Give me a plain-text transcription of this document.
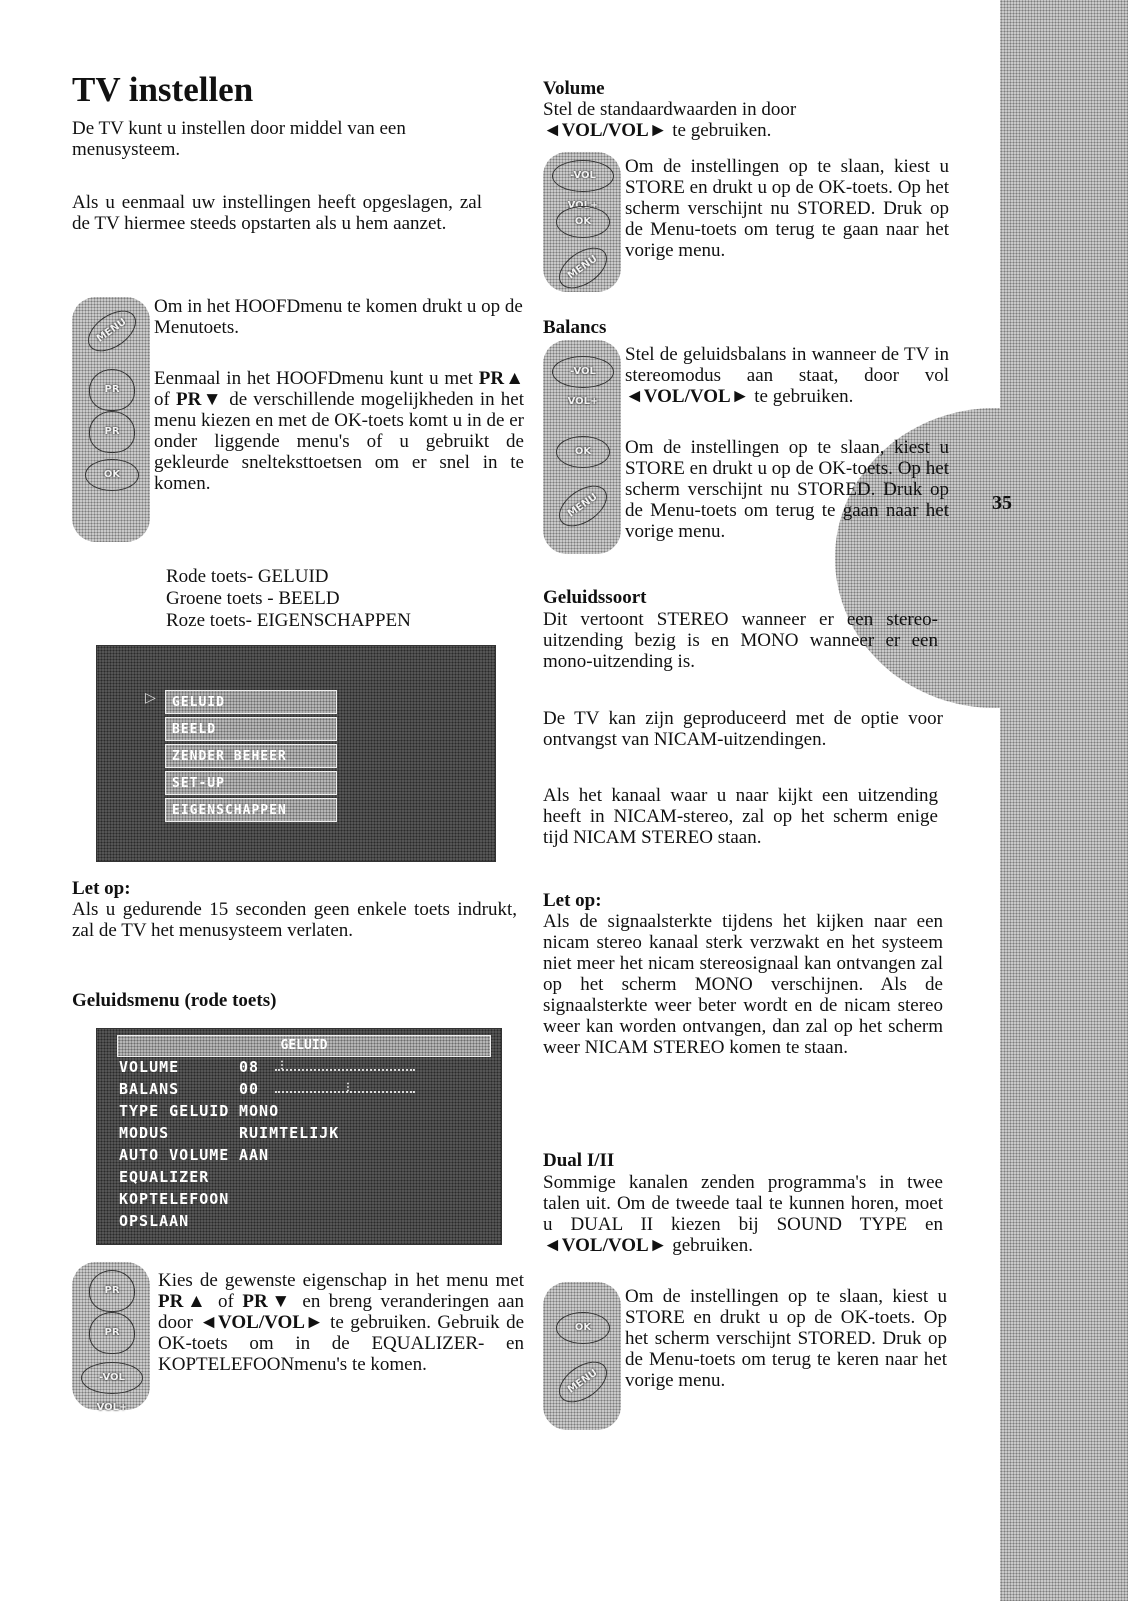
35
TV instellen

De TV kunt u instellen door middel van een menusysteem.

Als u eenmaal uw instellingen heeft opgeslagen, zal de TV hiermee steeds opstarten als u hem aanzet.

MENU
PR
PR
OK

Om in het HOOFDmenu te komen drukt u op de Menutoets.

Eenmaal in het HOOFDmenu kunt u met PR▲ of PR▼ de verschillende mogelijkheden in het menu kiezen en met de OK-toets komt u in de er onder liggende menu's of u gebruikt de gekleurde snelteksttoetsen om er snel in te komen.

Rode toets- GELUID

Groene toets - BEELD

Roze toets- EIGENSCHAPPEN

▷	GELUID
BEELD
ZENDER BEHEER
SET-UP
EIGENSCHAPPEN

Let op:

Als u gedurende 15 seconden geen enkele toets indrukt, zal de TV het menusysteem verlaten.

Geluidsmenu (rode toets)

GELUID
VOLUME	08 ⋮
BALANS	00	⋮
TYPE GELUID MONO
MODUS	RUIMTELIJK
AUTO VOLUME AAN
EQUALIZER
KOPTELEFOON
OPSLAAN
PR
PR
-VOL VOL+

Kies de gewenste eigenschap in het menu met PR▲ of PR▼ en breng veranderingen aan door ◄VOL/VOL► te gebruiken. Gebruik de OK-toets om in de EQUALIZER- en KOPTELEFOONmenu's te komen.

Volume

Stel de standaardwaarden in door
◄VOL/VOL► te gebruiken.

-VOL VOL+
OK
MENU

Om de instellingen op te slaan, kiest u STORE en drukt u op de OK-toets. Op het scherm verschijnt nu STORED. Druk op de Menu-toets om terug te gaan naar het vorige menu.

Balancs

-VOL VOL+
OK
MENU

Stel de geluidsbalans in wanneer de TV in stereomodus aan staat, door vol ◄VOL/VOL► te gebruiken.

Om de instellingen op te slaan, kiest u STORE en drukt u op de OK-toets. Op het scherm verschijnt nu STORED. Druk op de Menu-toets om terug te gaan naar het vorige menu.

Geluidssoort

Dit vertoont STEREO wanneer er een stereo-uitzending bezig is en MONO wanneer er een mono-uitzending is.

De TV kan zijn geproduceerd met de optie voor ontvangst van NICAM-uitzendingen.

Als het kanaal waar u naar kijkt een uitzending heeft in NICAM-stereo, zal op het scherm enige tijd NICAM STEREO staan.

Let op:

Als de signaalsterkte tijdens het kijken naar een nicam stereo kanaal sterk verzwakt en het systeem niet meer het nicam stereosignaal kan ontvangen zal op het scherm MONO verschijnen. Als de signaalsterkte weer beter wordt en de nicam stereo weer kan worden ontvangen, dan zal op het scherm weer NICAM STEREO komen te staan.

Dual I/II

Sommige kanalen zenden programma's in twee talen uit. Om de tweede taal te kunnen horen, moet u DUAL II kiezen bij SOUND TYPE en ◄VOL/VOL► gebruiken.

OK
MENU

Om de instellingen op te slaan, kiest u STORE en drukt u op de OK-toets. Op het scherm verschijnt STORED. Druk op de Menu-toets om terug te keren naar het vorige menu.
